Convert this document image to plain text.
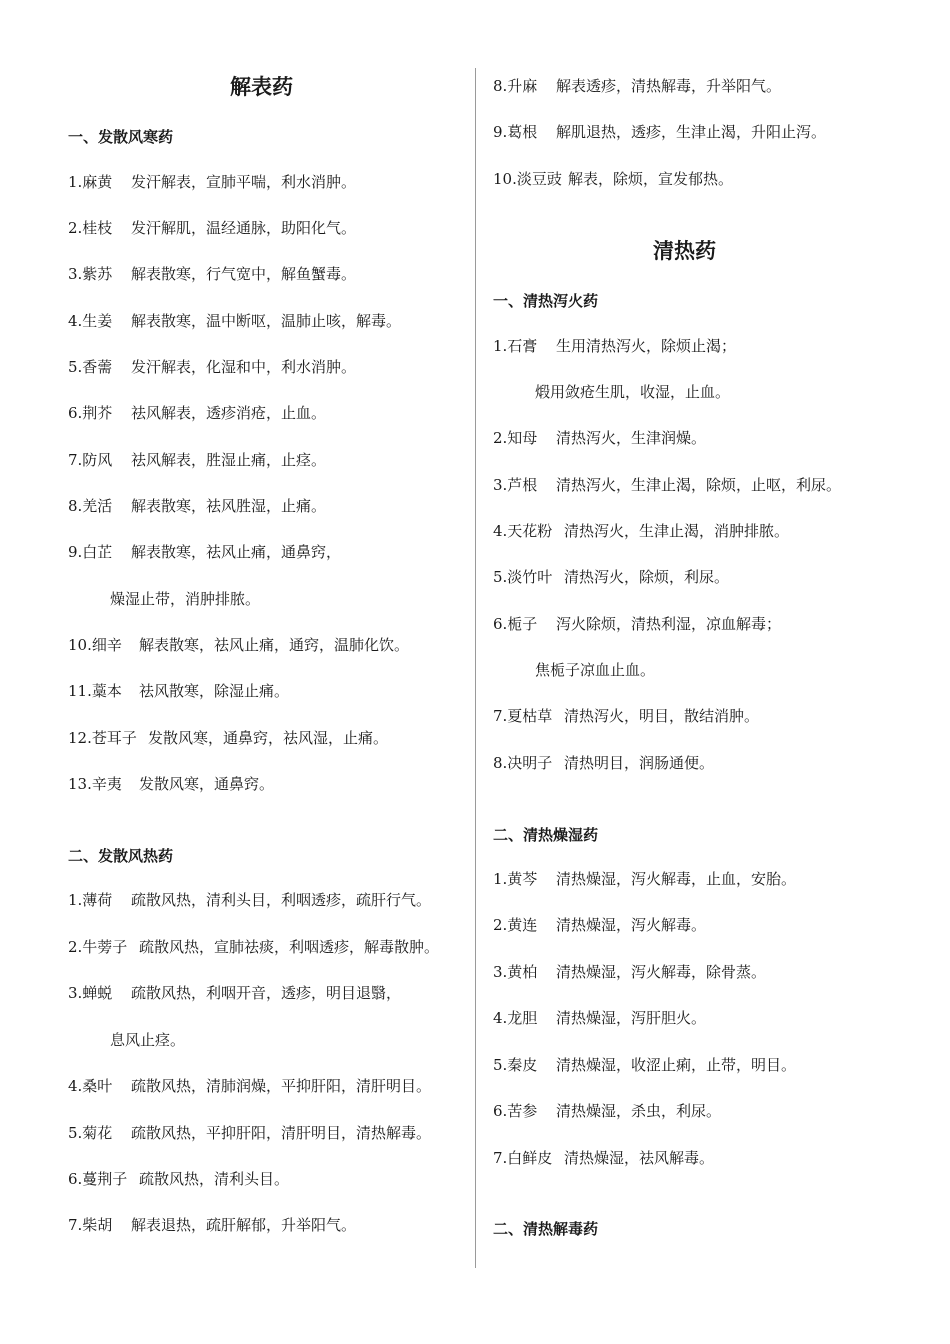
解表药
一、发散风寒药
1.麻黄 发汗解表，宣肺平喘，利水消肿。
2.桂枝 发汗解肌，温经通脉，助阳化气。
3.紫苏 解表散寒，行气宽中，解鱼蟹毒。
4.生姜 解表散寒，温中断呕，温肺止咳，解毒。
5.香薷 发汗解表，化湿和中，利水消肿。
6.荆芥 祛风解表，透疹消疮，止血。
7.防风 祛风解表，胜湿止痛，止痉。
8.羌活 解表散寒，祛风胜湿，止痛。
9.白芷 解表散寒，祛风止痛，通鼻窍，
燥湿止带，消肿排脓。
10.细辛 解表散寒，祛风止痛，通窍，温肺化饮。
11.藁本 祛风散寒，除湿止痛。
12.苍耳子 发散风寒，通鼻窍，祛风湿，止痛。
13.辛夷 发散风寒，通鼻窍。
二、发散风热药
1.薄荷 疏散风热，清利头目，利咽透疹，疏肝行气。
2.牛蒡子 疏散风热，宣肺祛痰，利咽透疹，解毒散肿。
3.蝉蜕 疏散风热，利咽开音，透疹，明目退翳，
息风止痉。
4.桑叶 疏散风热，清肺润燥，平抑肝阳，清肝明目。
5.菊花 疏散风热，平抑肝阳，清肝明目，清热解毒。
6.蔓荆子 疏散风热，清利头目。
7.柴胡 解表退热，疏肝解郁，升举阳气。
8.升麻 解表透疹，清热解毒，升举阳气。
9.葛根 解肌退热，透疹，生津止渴，升阳止泻。
10.淡豆豉 解表，除烦，宣发郁热。
清热药
一、清热泻火药
1.石膏 生用清热泻火，除烦止渴；
煅用敛疮生肌，收湿，止血。
2.知母 清热泻火，生津润燥。
3.芦根 清热泻火，生津止渴，除烦，止呕，利尿。
4.天花粉 清热泻火，生津止渴，消肿排脓。
5.淡竹叶 清热泻火，除烦，利尿。
6.栀子 泻火除烦，清热利湿，凉血解毒；
焦栀子凉血止血。
7.夏枯草 清热泻火，明目，散结消肿。
8.决明子 清热明目，润肠通便。
二、清热燥湿药
1.黄芩 清热燥湿，泻火解毒，止血，安胎。
2.黄连 清热燥湿，泻火解毒。
3.黄柏 清热燥湿，泻火解毒，除骨蒸。
4.龙胆 清热燥湿，泻肝胆火。
5.秦皮 清热燥湿，收涩止痢，止带，明目。
6.苦参 清热燥湿，杀虫，利尿。
7.白鲜皮 清热燥湿，祛风解毒。
二、清热解毒药
